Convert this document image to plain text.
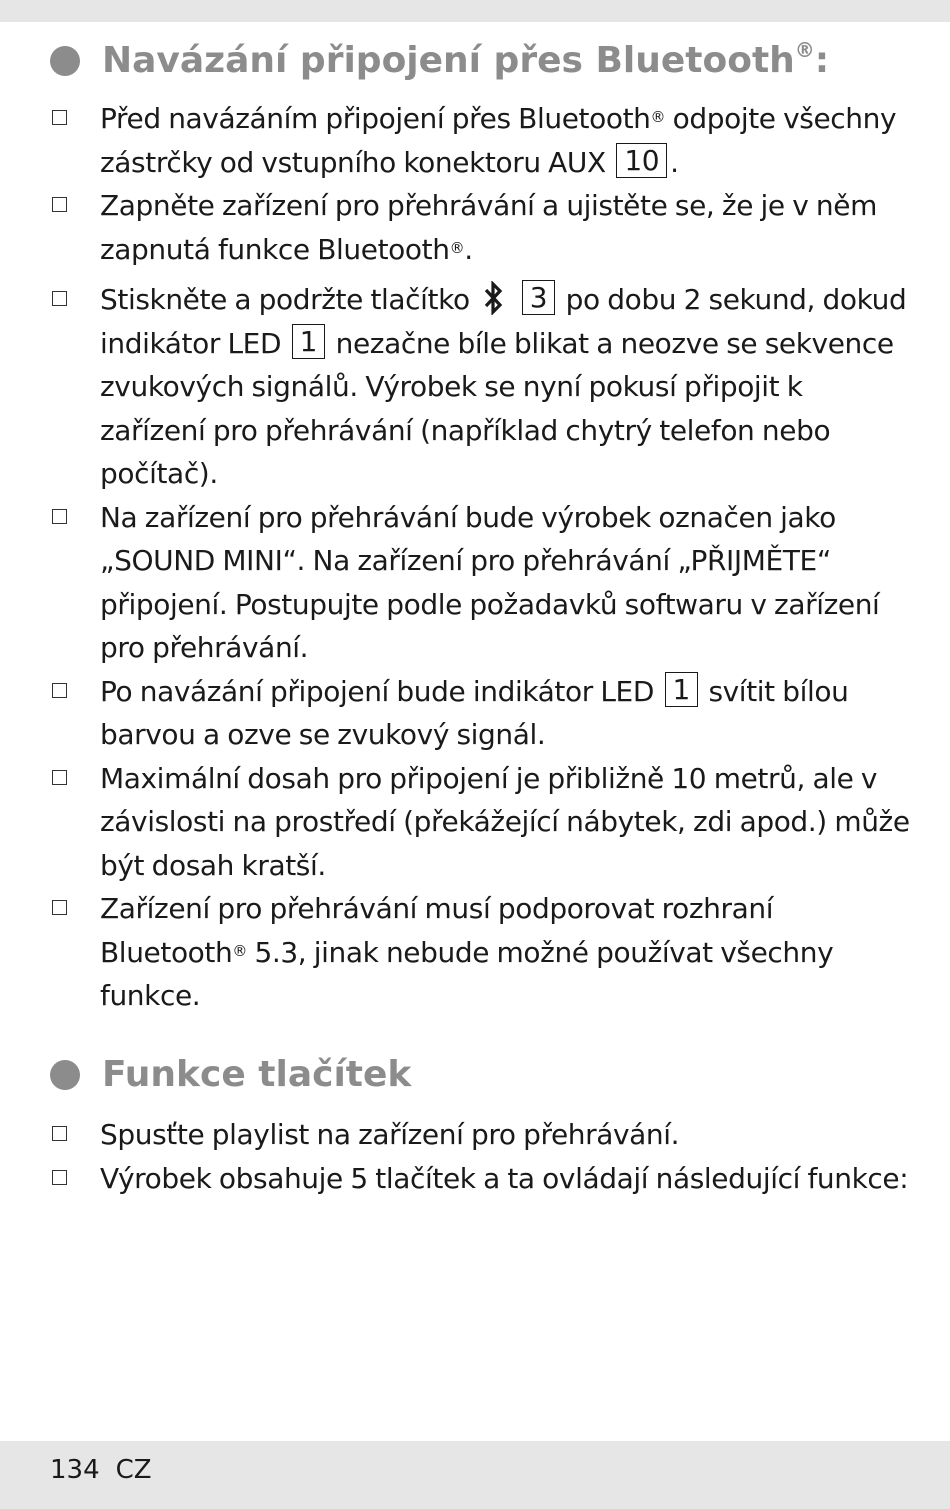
Navázání připojení přes Bluetooth®:
Před navázáním připojení přes Bluetooth® odpojte všechny zástrčky od vstupního konektoru AUX 10 .
Zapněte zařízení pro přehrávání a ujistěte se, že je v něm zapnutá funkce Bluetooth®.
Stiskněte a podržte tlačítko 3 po dobu 2 sekund, dokud indikátor LED 1 nezačne bíle blikat a neozve se sekvence zvukových signálů. Výrobek se nyní pokusí připojit k zařízení pro přehrávání (například chytrý telefon nebo počítač).
Na zařízení pro přehrávání bude výrobek označen jako „SOUND MINI“. Na zařízení pro přehrávání „PŘIJMĚTE“ připojení. Postupujte podle požadavků softwaru v zařízení pro přehrávání.
Po navázání připojení bude indikátor LED 1 svítit bílou barvou a ozve se zvukový signál.
Maximální dosah pro připojení je přibližně 10 metrů, ale v závislosti na prostředí (překážející nábytek, zdi apod.) může být dosah kratší.
Zařízení pro přehrávání musí podporovat rozhraní Bluetooth® 5.3, jinak nebude možné používat všechny funkce.
Funkce tlačítek
Spusťte playlist na zařízení pro přehrávání.
Výrobek obsahuje 5 tlačítek a ta ovládají následující funkce:
134 CZ
